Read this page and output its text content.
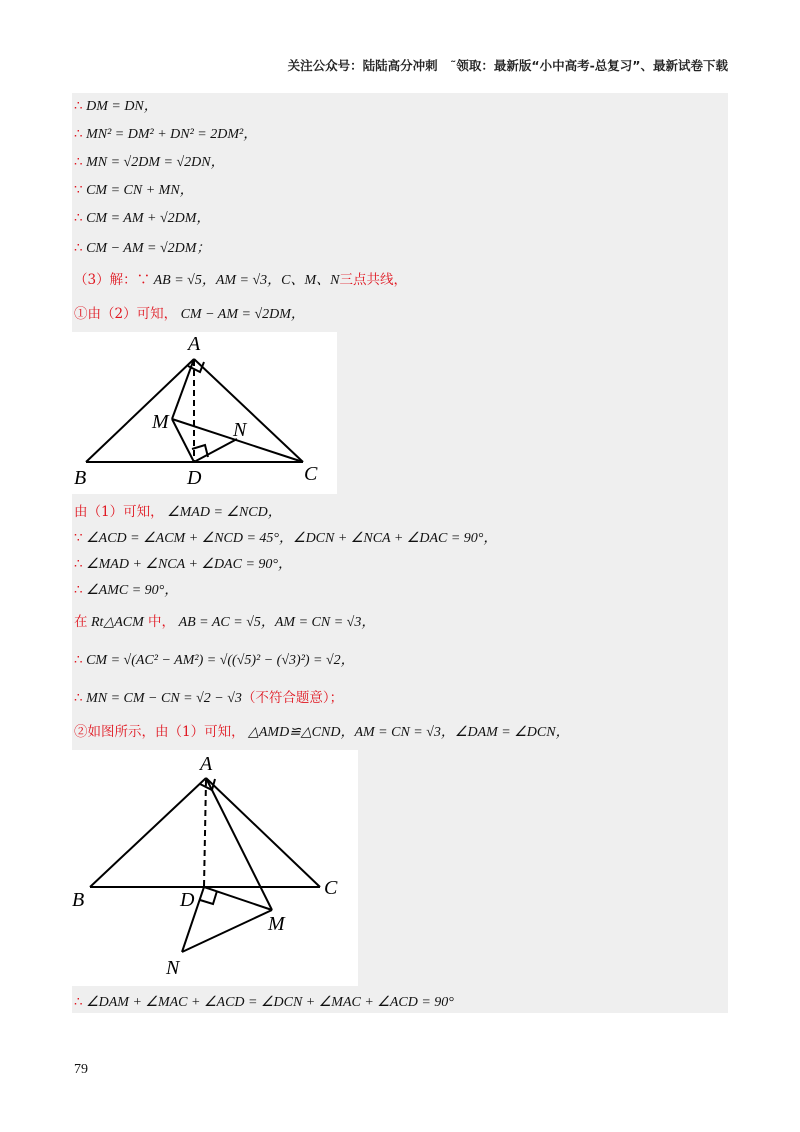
关注公众号：陆陆高分冲刺　˜领取：最新版“小中高考-总复习”、最新试卷下载
∴ DM = DN，
∴ MN² = DM² + DN² = 2DM²，
∴ MN = √2DM = √2DN，
∵ CM = CN + MN，
∴ CM = AM + √2DM，
∴ CM − AM = √2DM；
（3）解：∵ AB = √5，AM = √3，C、M、N三点共线，
①由（2）可知， CM − AM = √2DM，
A
B	C
D
M	N
由（1）可知， ∠MAD = ∠NCD，
∵ ∠ACD = ∠ACM + ∠NCD = 45°，∠DCN + ∠NCA + ∠DAC = 90°，
∴ ∠MAD + ∠NCA + ∠DAC = 90°，
∴ ∠AMC = 90°，
在 Rt△ACM 中， AB = AC = √5，AM = CN = √3，
∴ CM = √(AC² − AM²) = √((√5)² − (√3)²) = √2，
∴ MN = CM − CN = √2 − √3（不符合题意）；
②如图所示，由（1）可知， △AMD≌△CND，AM = CN = √3，∠DAM = ∠DCN，
A
B
C
D
M
N
∴ ∠DAM + ∠MAC + ∠ACD = ∠DCN + ∠MAC + ∠ACD = 90°
79
